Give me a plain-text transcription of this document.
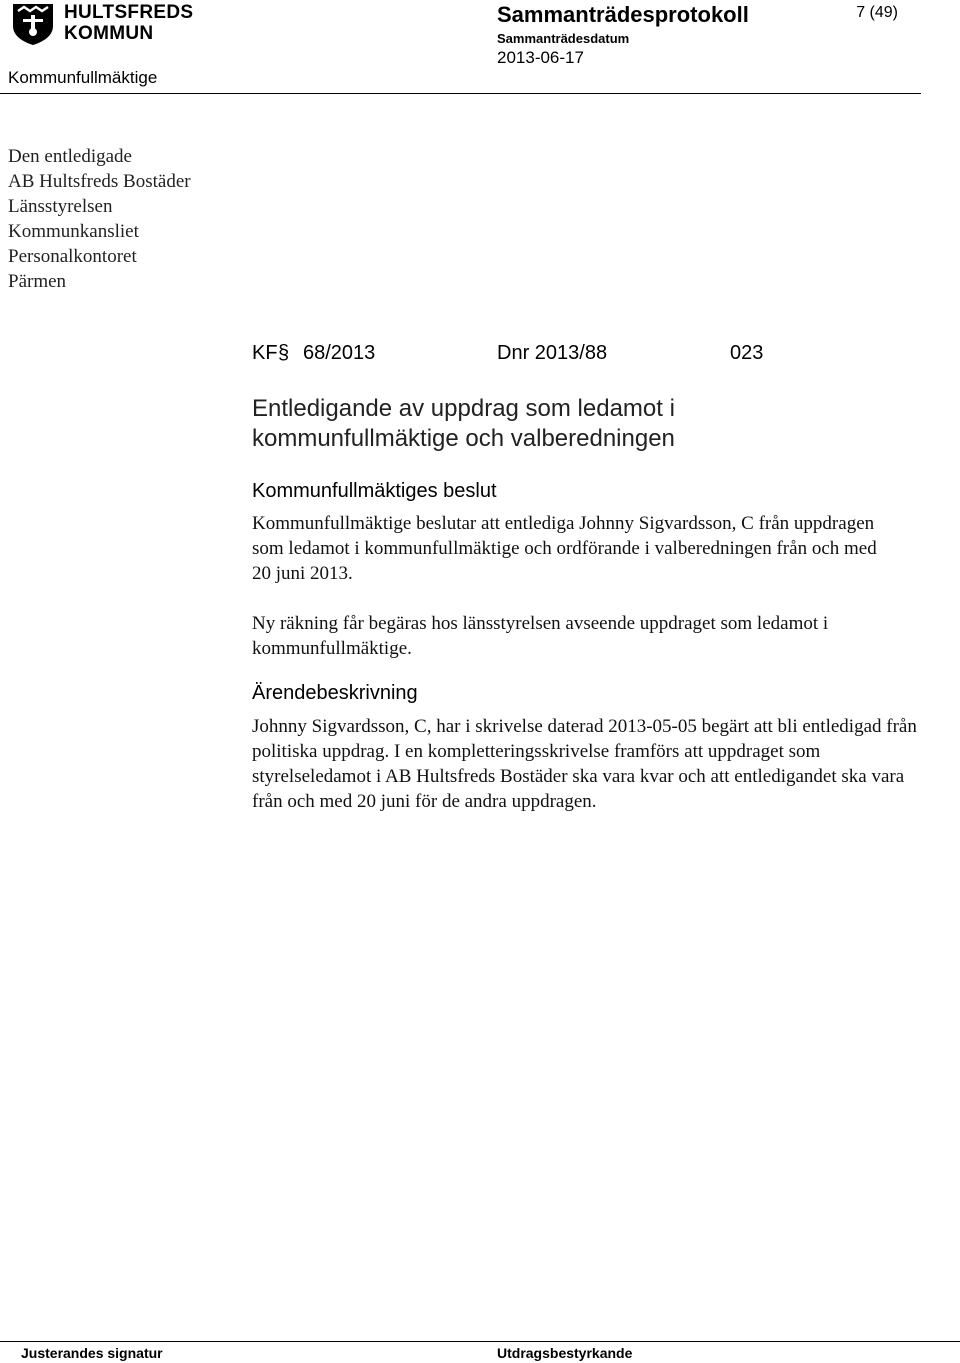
HULTSFREDS KOMMUN
Sammanträdesprotokoll
Sammanträdesdatum
2013-06-17
7 (49)
Kommunfullmäktige
Den entledigade
AB Hultsfreds Bostäder
Länsstyrelsen
Kommunkansliet
Personalkontoret
Pärmen
KF § 68/2013	Dnr 2013/88	023
Entledigande av uppdrag som ledamot i kommunfullmäktige och valberedningen
Kommunfullmäktiges beslut
Kommunfullmäktige beslutar att entlediga Johnny Sigvardsson, C från uppdragen som ledamot i kommunfullmäktige och ordförande i valberedningen från och med 20 juni 2013.
Ny räkning får begäras hos länsstyrelsen avseende uppdraget som ledamot i kommunfullmäktige.
Ärendebeskrivning
Johnny Sigvardsson, C, har i skrivelse daterad 2013-05-05 begärt att bli entledigad från politiska uppdrag. I en kompletteringsskrivelse framförs att uppdraget som styrelseledamot i AB Hultsfreds Bostäder ska vara kvar och att entledigandet ska vara från och med 20 juni för de andra uppdragen.
Justerandes signatur	Utdragsbestyrkande
